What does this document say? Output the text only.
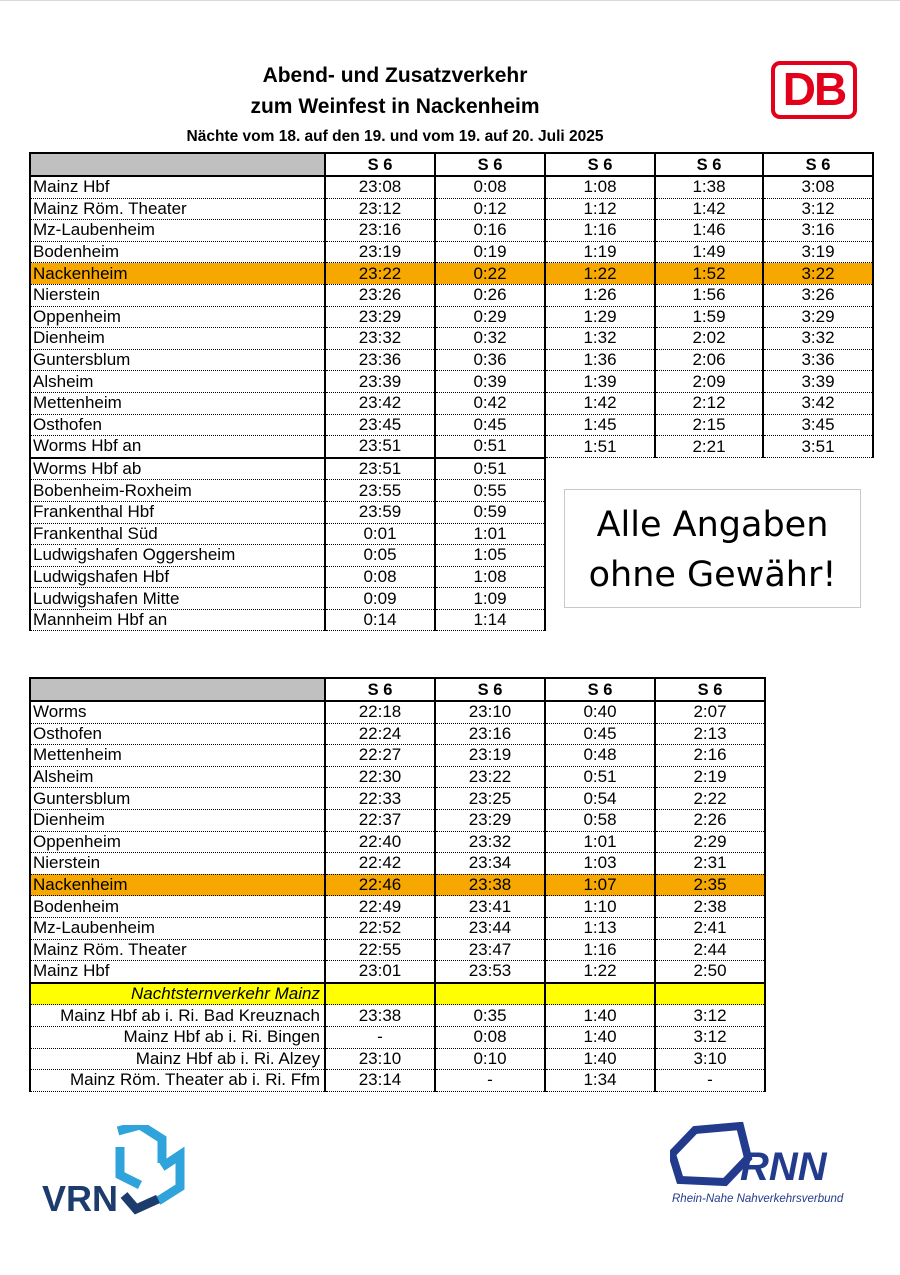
Abend- und Zusatzverkehr
zum Weinfest in Nackenheim
Nächte vom 18. auf den 19. und vom 19. auf 20. Juli 2025
DB
	S 6	S 6	S 6	S 6	S 6
Mainz Hbf	23:08	0:08	1:08	1:38	3:08
Mainz Röm. Theater	23:12	0:12	1:12	1:42	3:12
Mz-Laubenheim	23:16	0:16	1:16	1:46	3:16
Bodenheim	23:19	0:19	1:19	1:49	3:19
Nackenheim	23:22	0:22	1:22	1:52	3:22
Nierstein	23:26	0:26	1:26	1:56	3:26
Oppenheim	23:29	0:29	1:29	1:59	3:29
Dienheim	23:32	0:32	1:32	2:02	3:32
Guntersblum	23:36	0:36	1:36	2:06	3:36
Alsheim	23:39	0:39	1:39	2:09	3:39
Mettenheim	23:42	0:42	1:42	2:12	3:42
Osthofen	23:45	0:45	1:45	2:15	3:45
Worms Hbf an	23:51	0:51	1:51	2:21	3:51
Worms Hbf ab	23:51	0:51			
Bobenheim-Roxheim	23:55	0:55			
Frankenthal Hbf	23:59	0:59			
Frankenthal Süd	0:01	1:01			
Ludwigshafen Oggersheim	0:05	1:05			
Ludwigshafen Hbf	0:08	1:08			
Ludwigshafen Mitte	0:09	1:09			
Mannheim Hbf an	0:14	1:14			
Alle Angaben
ohne Gewähr!
	S 6	S 6	S 6	S 6
Worms	22:18	23:10	0:40	2:07
Osthofen	22:24	23:16	0:45	2:13
Mettenheim	22:27	23:19	0:48	2:16
Alsheim	22:30	23:22	0:51	2:19
Guntersblum	22:33	23:25	0:54	2:22
Dienheim	22:37	23:29	0:58	2:26
Oppenheim	22:40	23:32	1:01	2:29
Nierstein	22:42	23:34	1:03	2:31
Nackenheim	22:46	23:38	1:07	2:35
Bodenheim	22:49	23:41	1:10	2:38
Mz-Laubenheim	22:52	23:44	1:13	2:41
Mainz Röm. Theater	22:55	23:47	1:16	2:44
Mainz Hbf	23:01	23:53	1:22	2:50
Nachtsternverkehr Mainz				
Mainz Hbf ab i. Ri. Bad Kreuznach	23:38	0:35	1:40	3:12
Mainz Hbf ab i. Ri. Bingen	-	0:08	1:40	3:12
Mainz Hbf ab i. Ri. Alzey	23:10	0:10	1:40	3:10
Mainz Röm. Theater ab i. Ri. Ffm	23:14	-	1:34	-
VRN
RNN
Rhein-Nahe Nahverkehrsverbund
